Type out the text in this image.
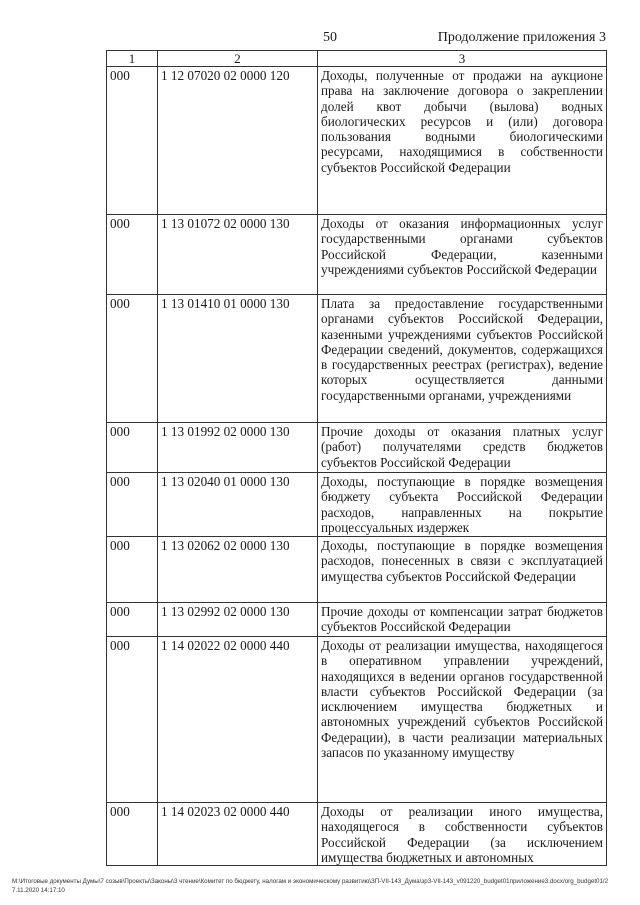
50	Продолжение приложения 3
1	2	3
000	1 12 07020 02 0000 120	Доходы, полученные от продажи на аукционе права на заключение договора о закреплении долей квот добычи (вылова) водных биологических ресурсов и (или) договора пользования водными биологическими ресурсами, находящимися в собственности субъектов Российской Федерации
000	1 13 01072 02 0000 130	Доходы от оказания информационных услуг государственными органами субъектов Российской Федерации, казенными учреждениями субъектов Российской Федерации
000	1 13 01410 01 0000 130	Плата за предоставление государственными органами субъектов Российской Федерации, казенными учреждениями субъектов Российской Федерации сведений, документов, содержащихся в государственных реестрах (регистрах), ведение которых осуществляется данными государственными органами, учреждениями
000	1 13 01992 02 0000 130	Прочие доходы от оказания платных услуг (работ) получателями средств бюджетов субъектов Российской Федерации
000	1 13 02040 01 0000 130	Доходы, поступающие в порядке возмещения бюджету субъекта Российской Федерации расходов, направленных на покрытие процессуальных издержек
000	1 13 02062 02 0000 130	Доходы, поступающие в порядке возмещения расходов, понесенных в связи с эксплуатацией имущества субъектов Российской Федерации
000	1 13 02992 02 0000 130	Прочие доходы от компенсации затрат бюджетов субъектов Российской Федерации
000	1 14 02022 02 0000 440	Доходы от реализации имущества, находящегося в оперативном управлении учреждений, находящихся в ведении органов государственной власти субъектов Российской Федерации (за исключением имущества бюджетных и автономных учреждений субъектов Российской Федерации), в части реализации материальных запасов по указанному имуществу
000	1 14 02023 02 0000 440	Доходы от реализации иного имущества, находящегося в собственности субъектов Российской Федерации (за исключением имущества бюджетных и автономных
M:\Итоговые документы Думы\7 созыв\Проекты\Законы\3 чтение\Комитет по бюджету, налогам и экономическому развитию\ЗП-VII-143_Дума\зр3-VII-143_v091220_budget01приложение3.docx/org_budget01/27.11.2020 14:17:10
